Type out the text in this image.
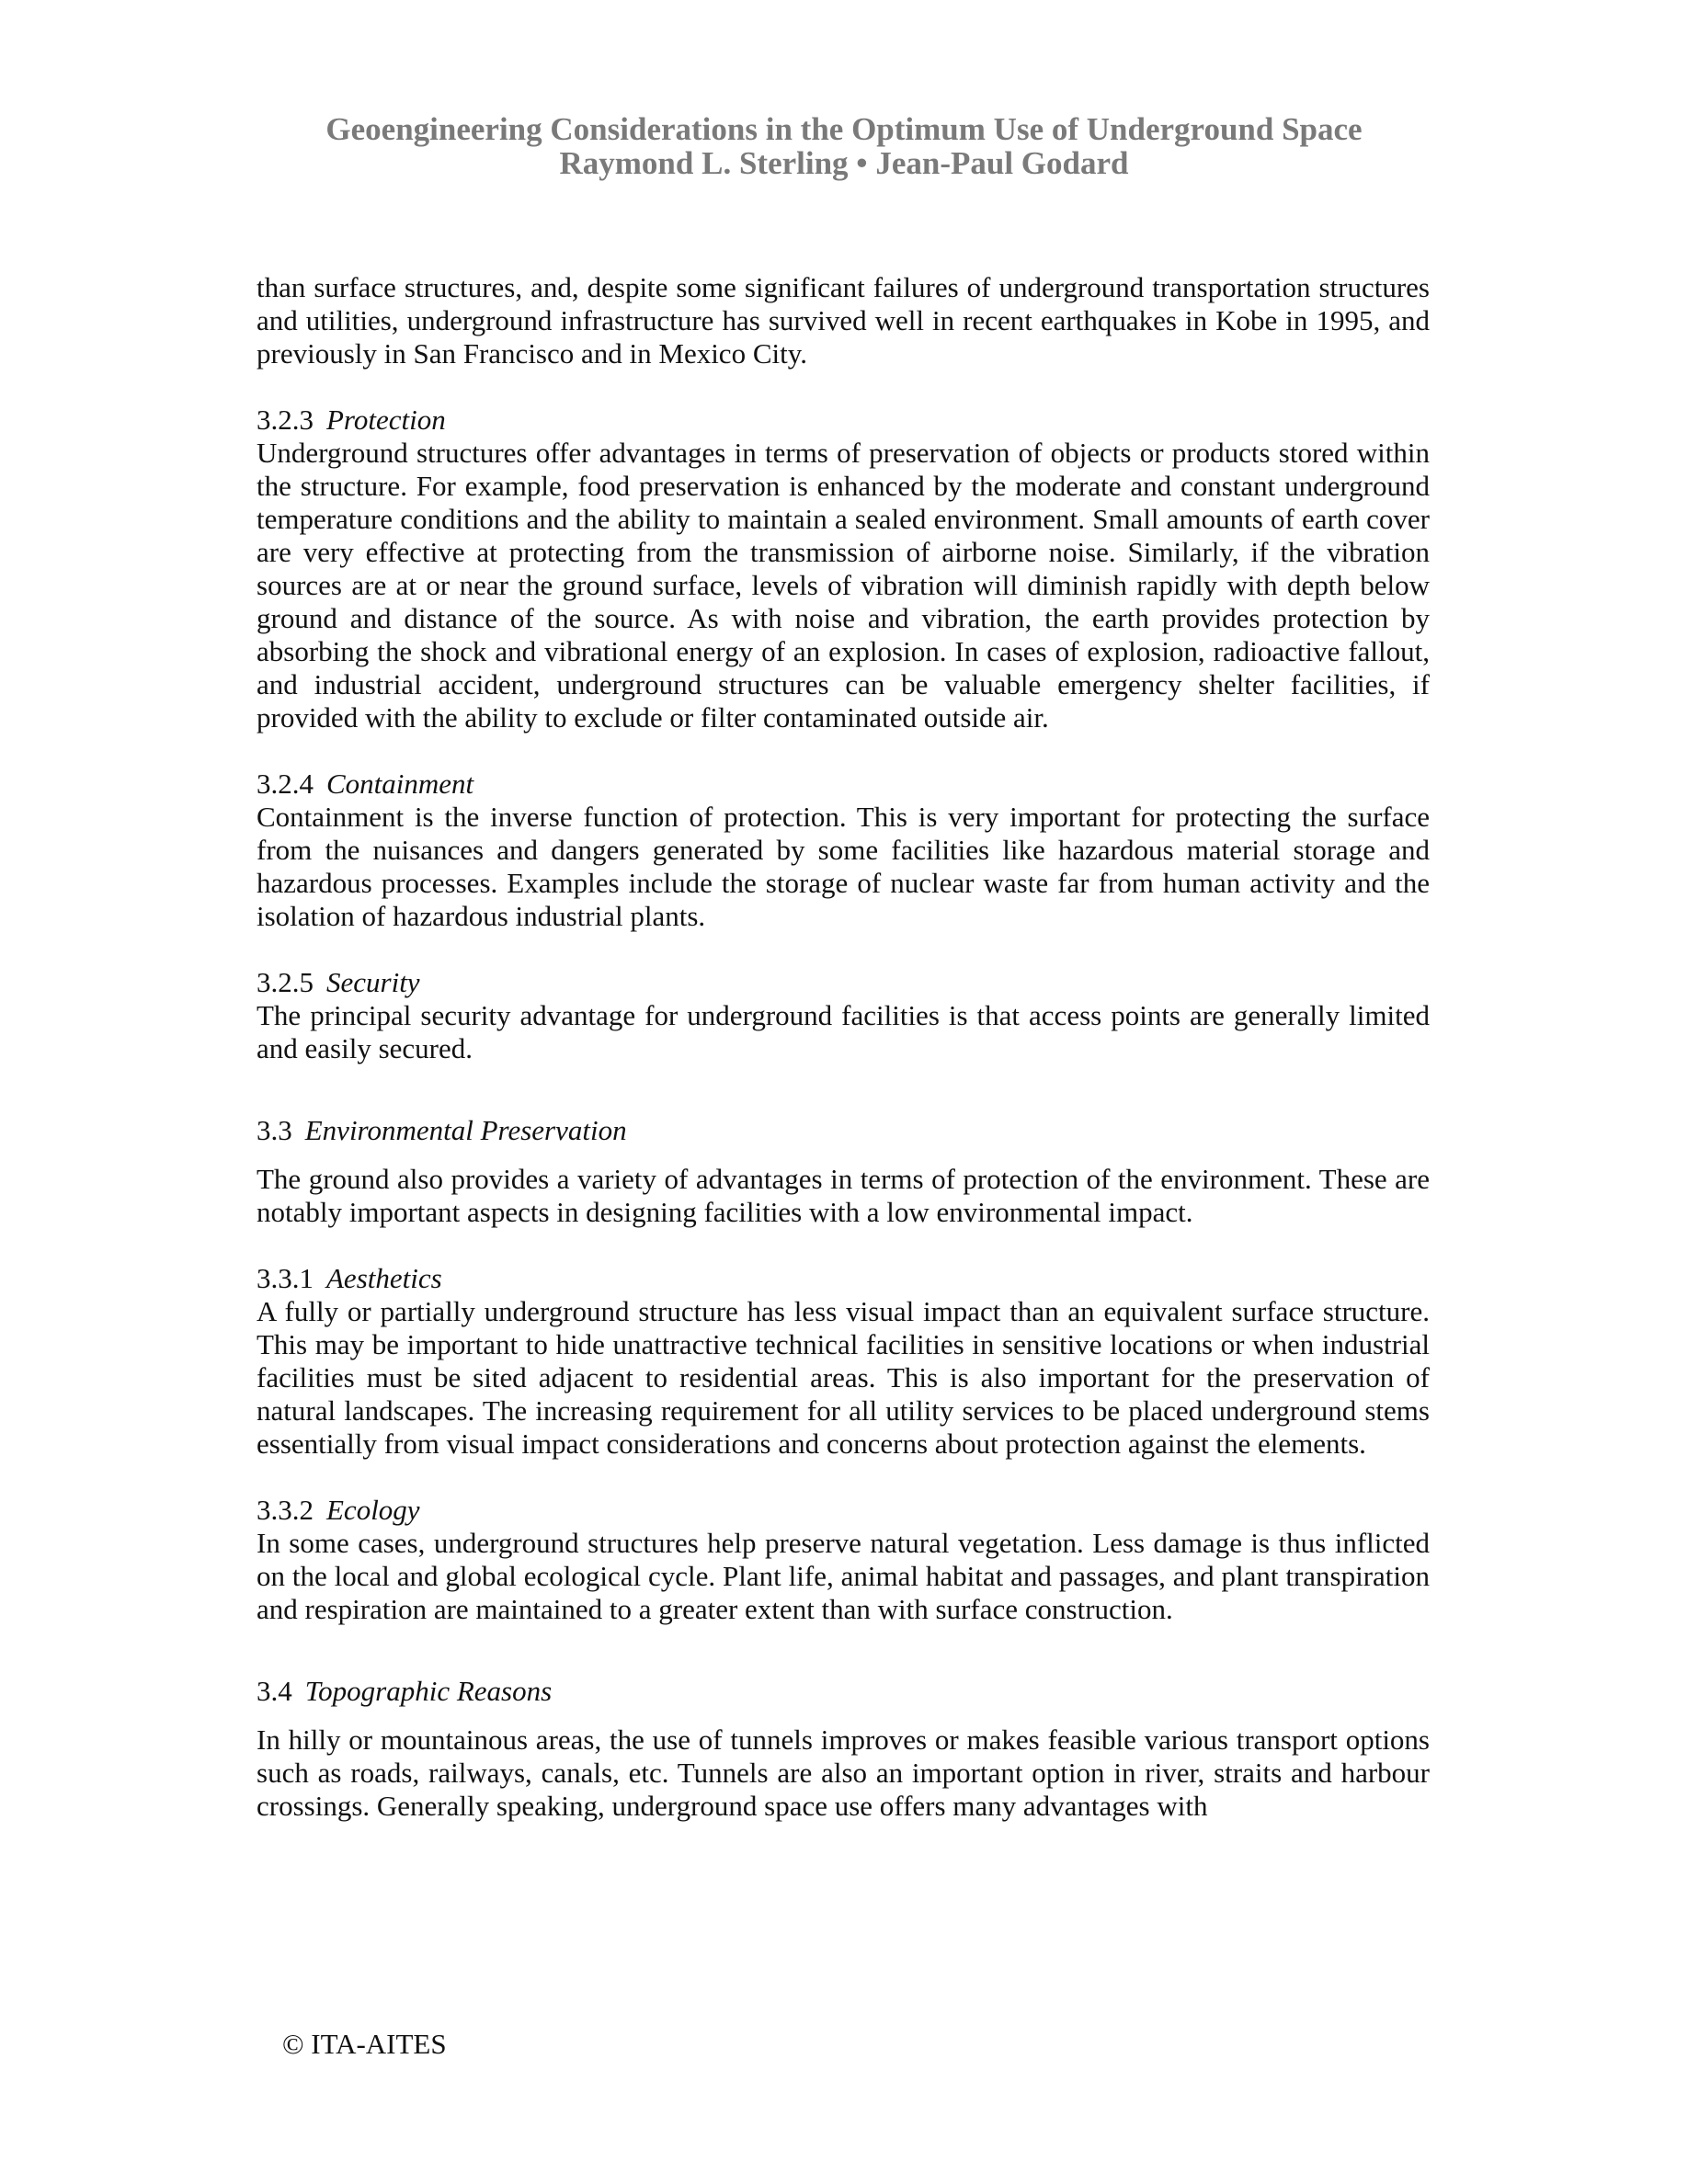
Geoengineering Considerations in the Optimum Use of Underground Space
Raymond L. Sterling • Jean-Paul Godard

than surface structures, and, despite some significant failures of underground transportation structures and utilities, underground infrastructure has survived well in recent earthquakes in Kobe in 1995, and previously in San Francisco and in Mexico City.

3.2.3 Protection

Underground structures offer advantages in terms of preservation of objects or products stored within the structure. For example, food preservation is enhanced by the moderate and constant underground temperature conditions and the ability to maintain a sealed environment. Small amounts of earth cover are very effective at protecting from the transmission of airborne noise. Similarly, if the vibration sources are at or near the ground surface, levels of vibration will diminish rapidly with depth below ground and distance of the source. As with noise and vibration, the earth provides protection by absorbing the shock and vibrational energy of an explosion. In cases of explosion, radioactive fallout, and industrial accident, underground structures can be valuable emergency shelter facilities, if provided with the ability to exclude or filter contaminated outside air.

3.2.4 Containment

Containment is the inverse function of protection. This is very important for protecting the surface from the nuisances and dangers generated by some facilities like hazardous material storage and hazardous processes. Examples include the storage of nuclear waste far from human activity and the isolation of hazardous industrial plants.

3.2.5 Security

The principal security advantage for underground facilities is that access points are generally limited and easily secured.

3.3 Environmental Preservation

The ground also provides a variety of advantages in terms of protection of the environment. These are notably important aspects in designing facilities with a low environmental impact.

3.3.1 Aesthetics

A fully or partially underground structure has less visual impact than an equivalent surface structure. This may be important to hide unattractive technical facilities in sensitive locations or when industrial facilities must be sited adjacent to residential areas. This is also important for the preservation of natural landscapes. The increasing requirement for all utility services to be placed underground stems essentially from visual impact considerations and concerns about protection against the elements.

3.3.2 Ecology

In some cases, underground structures help preserve natural vegetation. Less damage is thus inflicted on the local and global ecological cycle. Plant life, animal habitat and passages, and plant transpiration and respiration are maintained to a greater extent than with surface construction.

3.4 Topographic Reasons

In hilly or mountainous areas, the use of tunnels improves or makes feasible various transport options such as roads, railways, canals, etc. Tunnels are also an important option in river, straits and harbour crossings. Generally speaking, underground space use offers many advantages with

© ITA-AITES
